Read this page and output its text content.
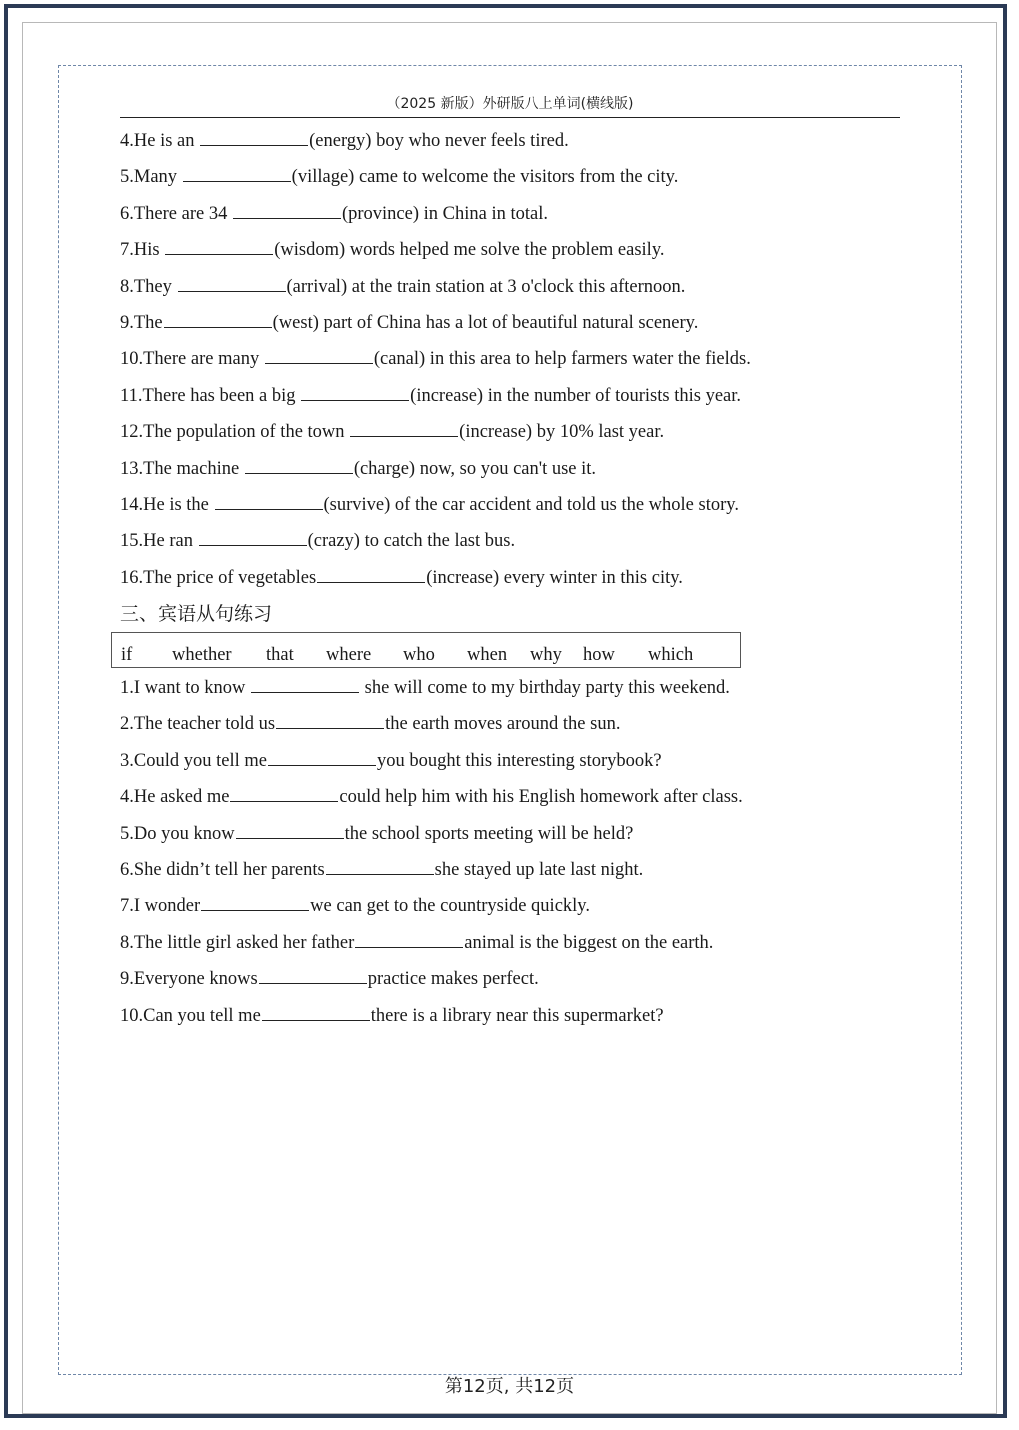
（2025 新版）外研版八上单词(横线版)
4.He is an	(energy) boy who never feels tired.
5.Many	(village) came to welcome the visitors from the city.
6.There are 34	(province) in China in total.
7.His	(wisdom) words helped me solve the problem easily.
8.They	(arrival) at the train station at 3 o'clock this afternoon.
9.The	(west) part of China has a lot of beautiful natural scenery.
10.There are many	(canal) in this area to help farmers water the fields.
11.There has been a big	(increase) in the number of tourists this year.
12.The population of the town	(increase) by 10% last year.
13.The machine	(charge) now, so you can't use it.
14.He is the	(survive) of the car accident and told us the whole story.
15.He ran	(crazy) to catch the last bus.
16.The price of vegetables	(increase) every winter in this city.
三、宾语从句练习
if whether that where who when why how which
1.I want to know	she will come to my birthday party this weekend.
2.The teacher told us	the earth moves around the sun.
3.Could you tell me	you bought this interesting storybook?
4.He asked me	could help him with his English homework after class.
5.Do you know	the school sports meeting will be held?
6.She didn’t tell her parents	she stayed up late last night.
7.I wonder	we can get to the countryside quickly.
8.The little girl asked her father	animal is the biggest on the earth.
9.Everyone knows	practice makes perfect.
10.Can you tell me	there is a library near this supermarket?
第12页, 共12页
